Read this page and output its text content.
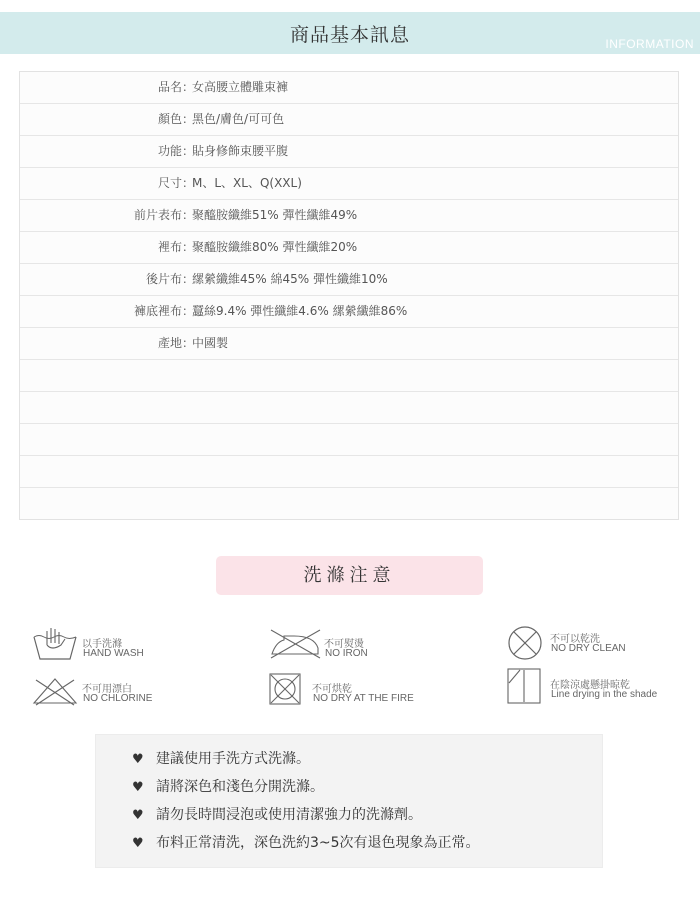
商品基本訊息	INFORMATION
品名 ：
女高腰立體雕束褲
顏色 ：
黑色/膚色/可可色
功能 ：
貼身修飾束腰平腹
尺寸 ：
M、L、XL、Q(XXL)
前片表布 ：
聚醯胺纖維51% 彈性纖維49%
裡布 ：
聚醯胺纖維80% 彈性纖維20%
後片布 ：
縲縈纖維45% 綿45% 彈性纖維10%
褲底裡布 ：
蠶絲9.4% 彈性纖維4.6% 縲縈纖維86%
產地 ：
中國製
洗滌注意
以手洗滌
HAND WASH
不可熨燙
NO IRON
不可以乾洗
NO DRY CLEAN
不可用漂白
NO CHLORINE
不可烘乾
NO DRY AT THE FIRE
在陰涼處懸掛晾乾
Line drying in the shade
♥ 建議使用手洗方式洗滌。
♥ 請將深色和淺色分開洗滌。
♥ 請勿長時間浸泡或使用清潔強力的洗滌劑。
♥ 布料正常清洗，深色洗約3~5次有退色現象為正常。
